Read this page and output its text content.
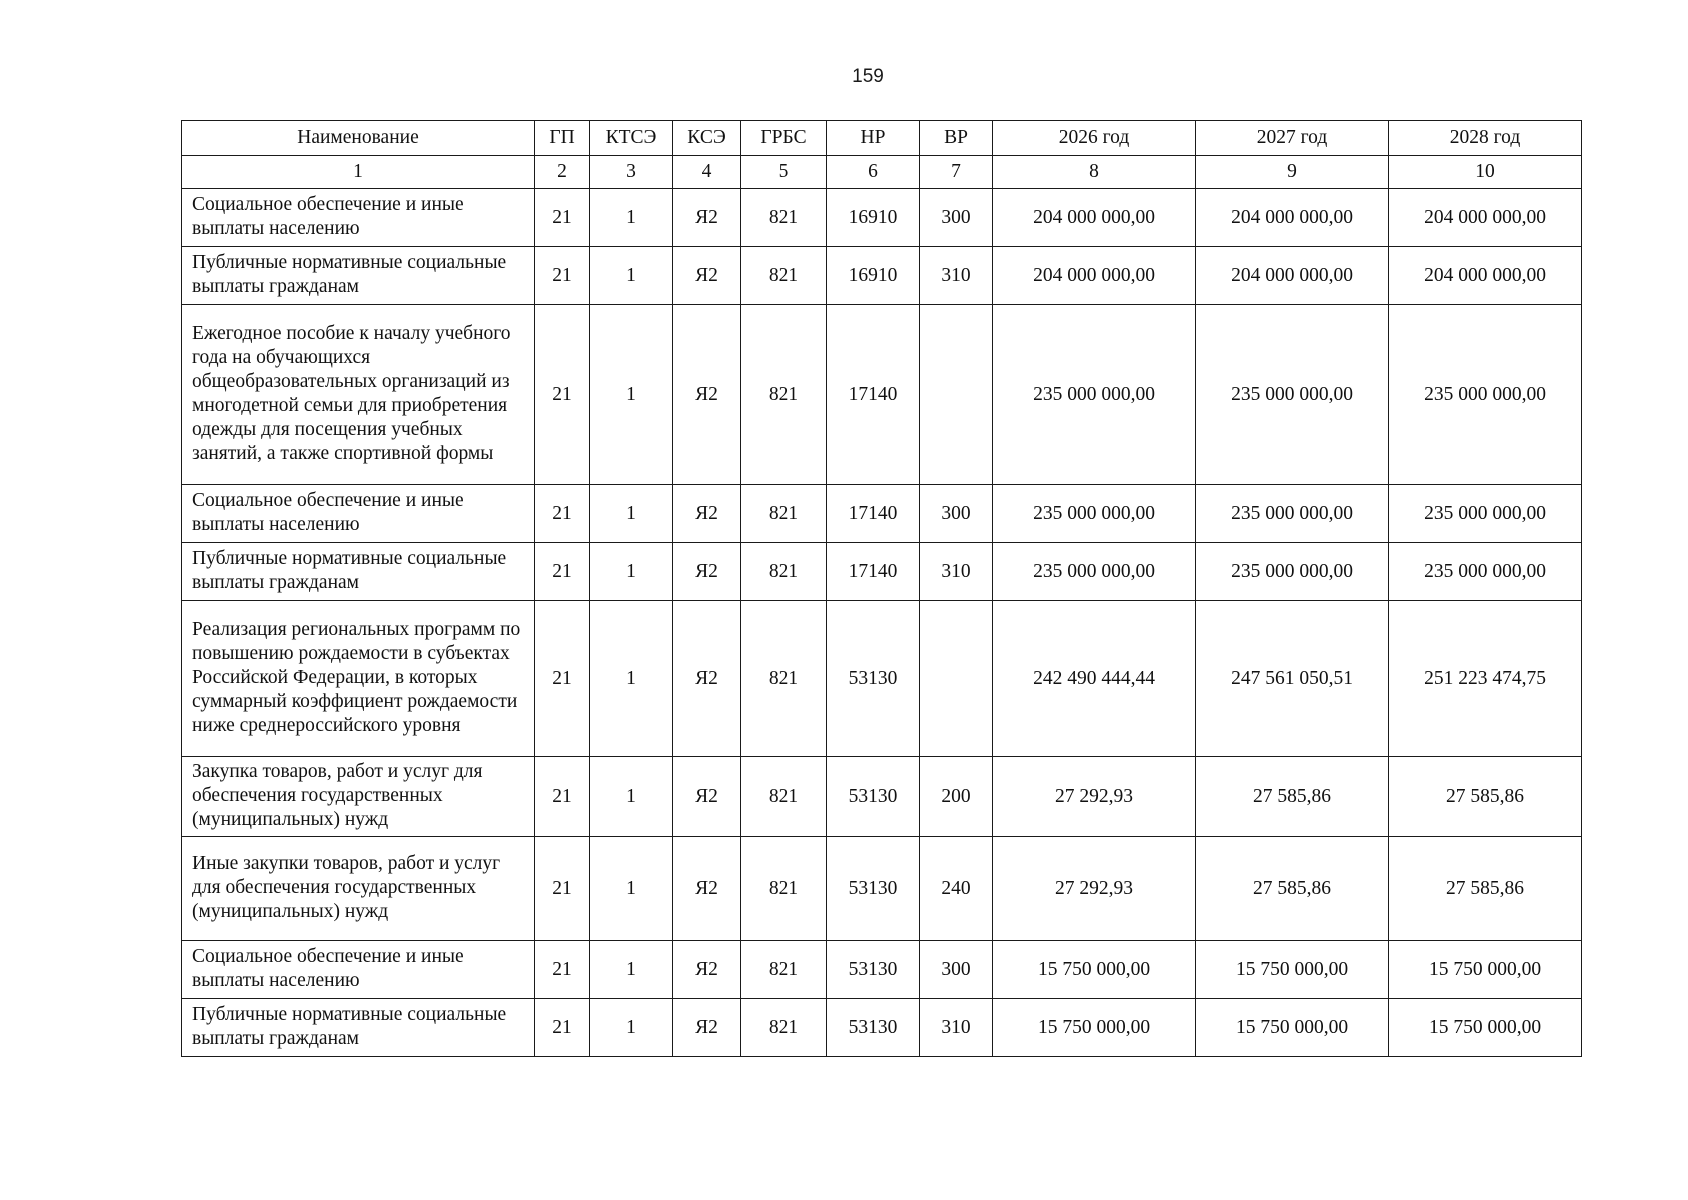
159
Наименование	ГП	КТСЭ	КСЭ	ГРБС	НР	ВР	2026 год	2027 год	2028 год
1	2	3	4	5	6	7	8	9	10
Социальное обеспечение и иные выплаты населению	21	1	Я2	821	16910	300	204 000 000,00	204 000 000,00	204 000 000,00
Публичные нормативные социальные выплаты гражданам	21	1	Я2	821	16910	310	204 000 000,00	204 000 000,00	204 000 000,00
Ежегодное пособие к началу учебного года на обучающихся общеобразовательных организаций из многодетной семьи для приобретения одежды для посещения учебных занятий, а также спортивной формы	21	1	Я2	821	17140		235 000 000,00	235 000 000,00	235 000 000,00
Социальное обеспечение и иные выплаты населению	21	1	Я2	821	17140	300	235 000 000,00	235 000 000,00	235 000 000,00
Публичные нормативные социальные выплаты гражданам	21	1	Я2	821	17140	310	235 000 000,00	235 000 000,00	235 000 000,00
Реализация региональных программ по повышению рождаемости в субъектах Российской Федерации, в которых суммарный коэффициент рождаемости ниже среднероссийского уровня	21	1	Я2	821	53130		242 490 444,44	247 561 050,51	251 223 474,75
Закупка товаров, работ и услуг для обеспечения государственных (муниципальных) нужд	21	1	Я2	821	53130	200	27 292,93	27 585,86	27 585,86
Иные закупки товаров, работ и услуг для обеспечения государственных (муниципальных) нужд	21	1	Я2	821	53130	240	27 292,93	27 585,86	27 585,86
Социальное обеспечение и иные выплаты населению	21	1	Я2	821	53130	300	15 750 000,00	15 750 000,00	15 750 000,00
Публичные нормативные социальные выплаты гражданам	21	1	Я2	821	53130	310	15 750 000,00	15 750 000,00	15 750 000,00
